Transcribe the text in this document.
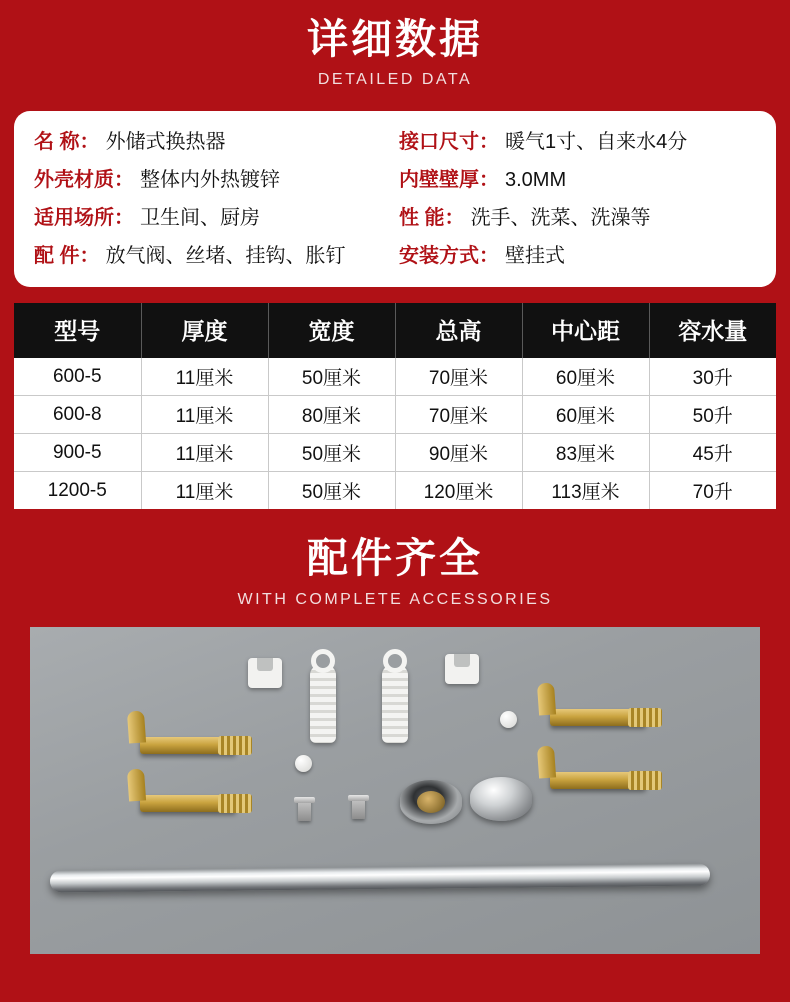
详细数据
DETAILED DATA
名 称： 外储式换热器	接口尺寸： 暖气1寸、自来水4分
外壳材质： 整体内外热镀锌	内壁壁厚： 3.0MM
适用场所： 卫生间、厨房	性 能： 洗手、洗菜、洗澡等
配 件： 放气阀、丝堵、挂钩、胀钉	安装方式： 壁挂式
型号	厚度	宽度	总高	中心距	容水量
600-5	11厘米	50厘米	70厘米	60厘米	30升
600-8	11厘米	80厘米	70厘米	60厘米	50升
900-5	11厘米	50厘米	90厘米	83厘米	45升
1200-5	11厘米	50厘米	120厘米	113厘米	70升
配件齐全
WITH COMPLETE ACCESSORIES
